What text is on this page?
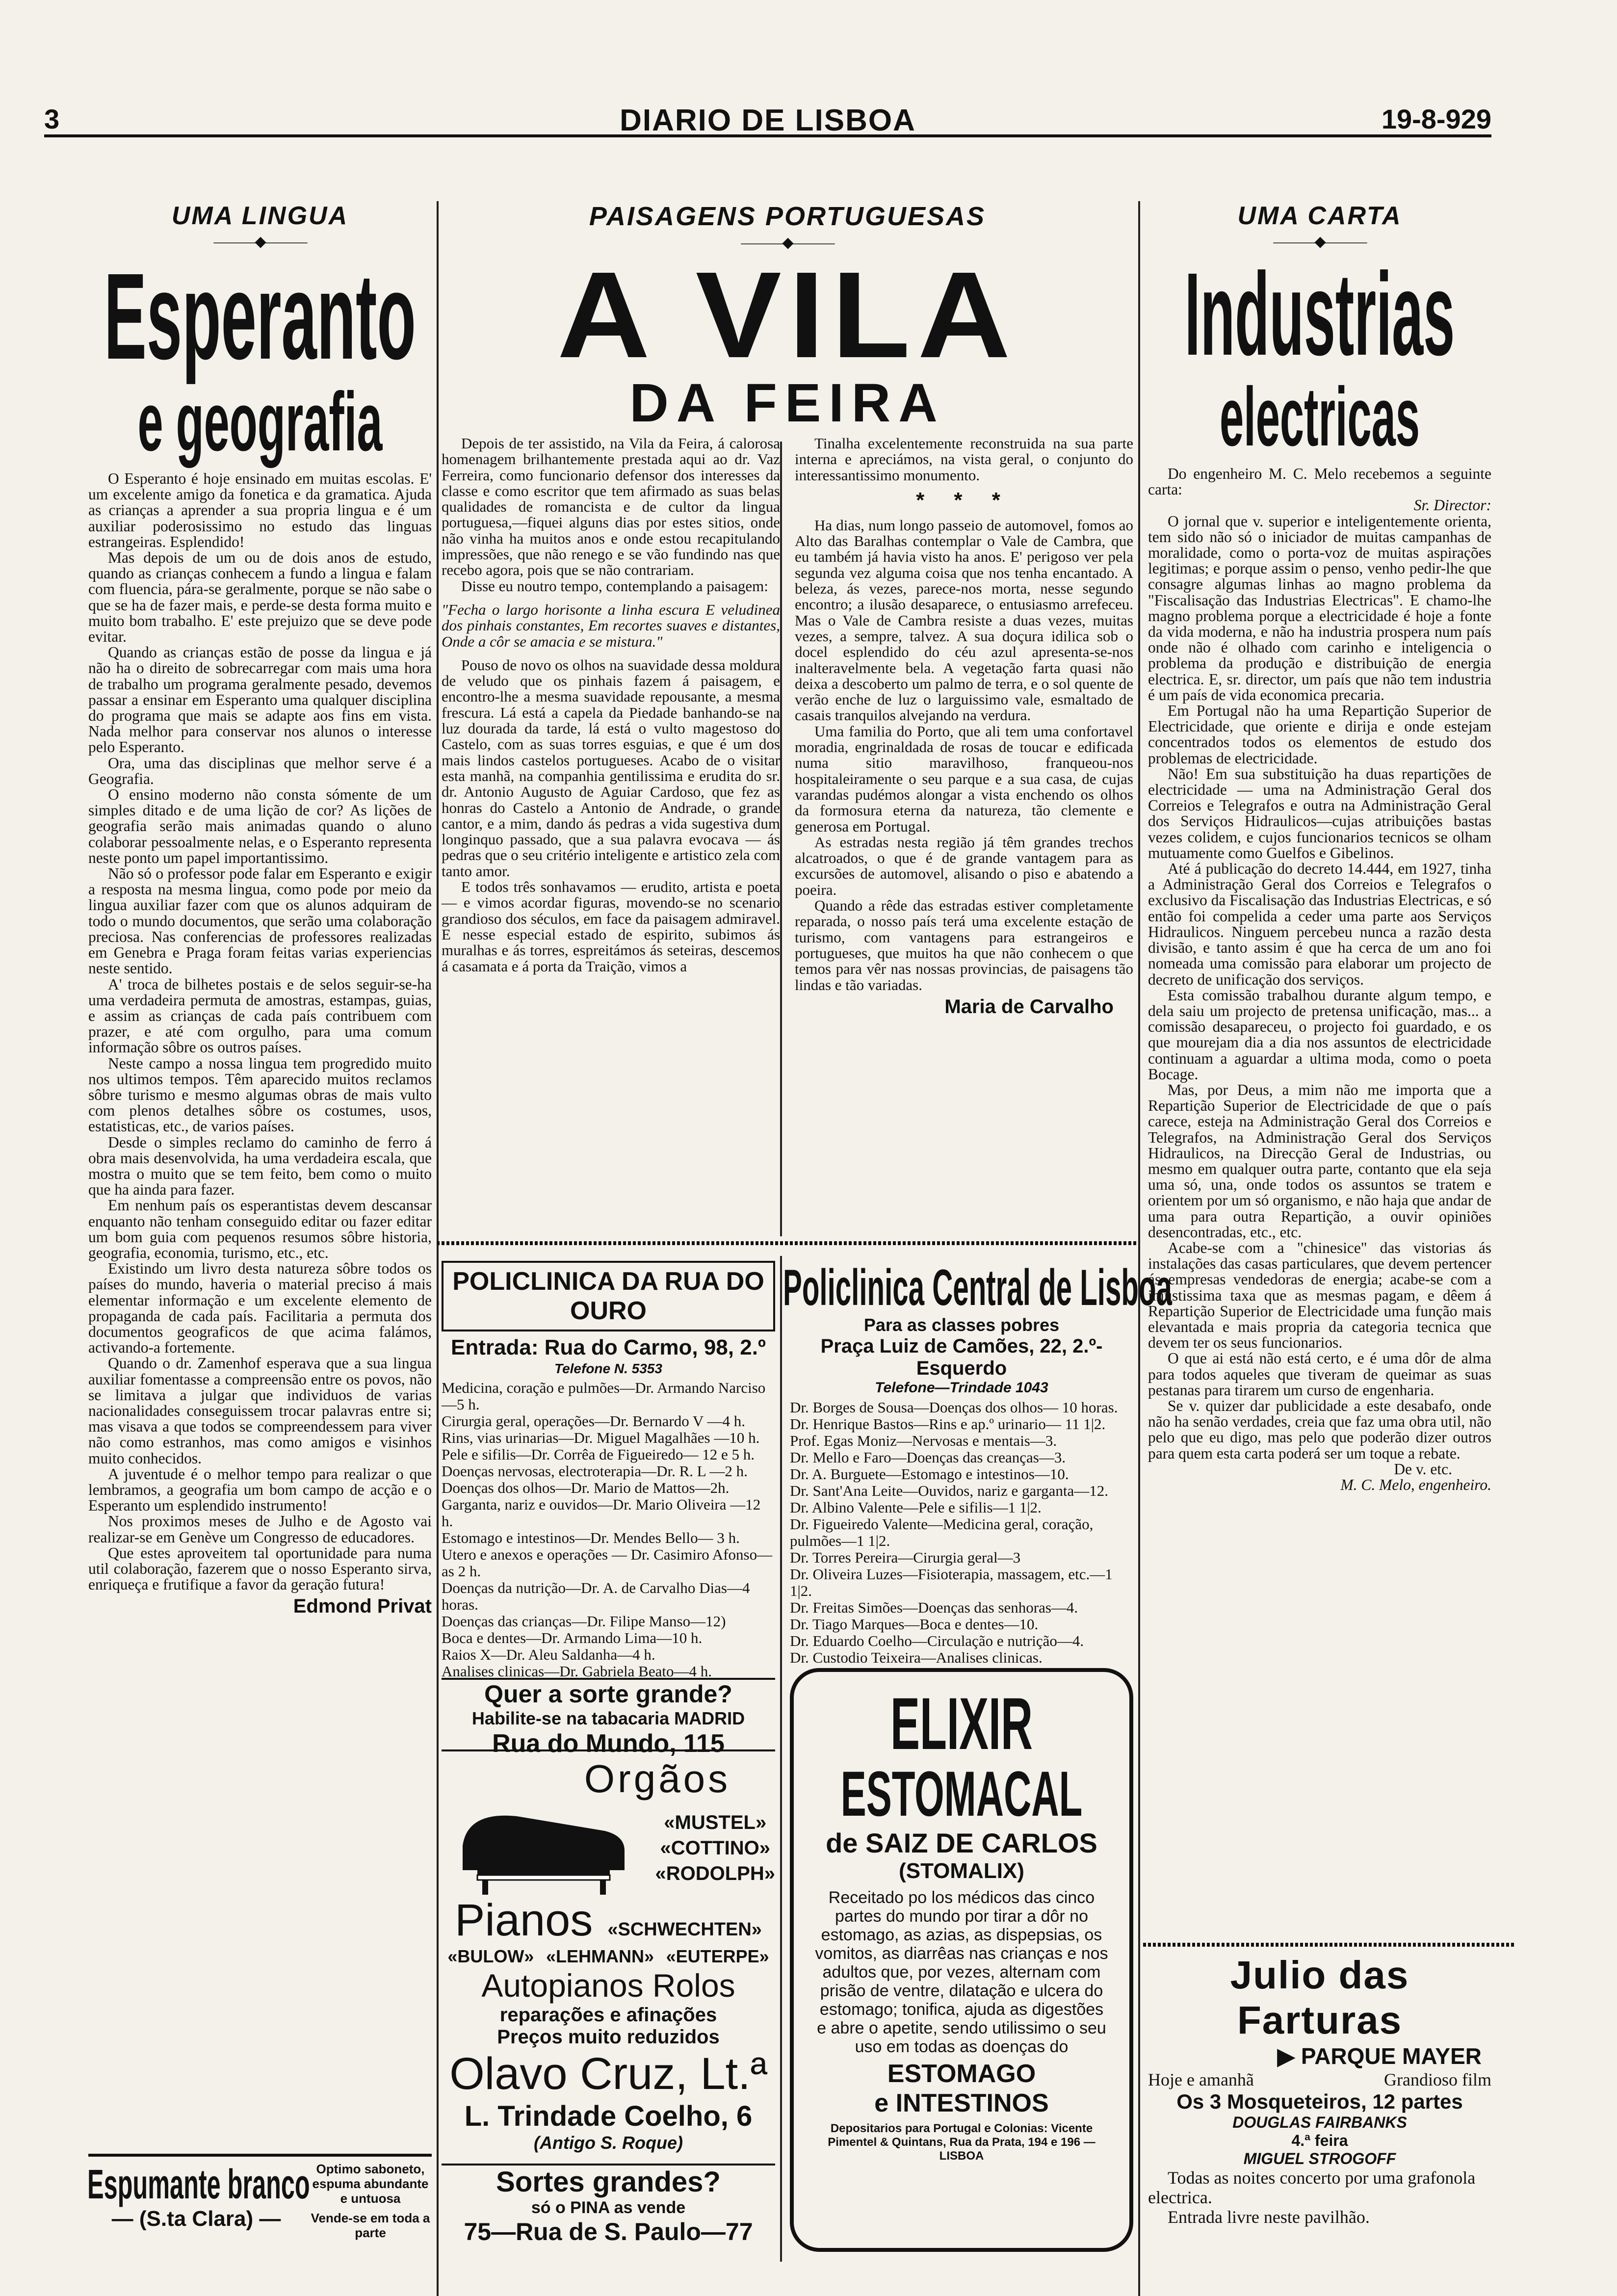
3	DIARIO DE LISBOA	19-8-929
UMA LINGUA
———◆———
Esperanto
e geografia

O Esperanto é hoje ensinado em muitas escolas. E' um excelente amigo da fonetica e da gramatica. Ajuda as crianças a aprender a sua propria lingua e é um auxiliar poderosissimo no estudo das linguas estrangeiras. Esplendido!

Mas depois de um ou de dois anos de estudo, quando as crianças conhecem a fundo a lingua e falam com fluencia, pára-se geralmente, porque se não sabe o que se ha de fazer mais, e perde-se desta forma muito e muito bom trabalho. E' este prejuizo que se deve pode evitar.

Quando as crianças estão de posse da lingua e já não ha o direito de sobrecarregar com mais uma hora de trabalho um programa geralmente pesado, devemos passar a ensinar em Esperanto uma qualquer disciplina do programa que mais se adapte aos fins em vista. Nada melhor para conservar nos alunos o interesse pelo Esperanto.

Ora, uma das disciplinas que melhor serve é a Geografia.

O ensino moderno não consta sómente de um simples ditado e de uma lição de cor? As lições de geografia serão mais animadas quando o aluno colaborar pessoalmente nelas, e o Esperanto representa neste ponto um papel importantissimo.

Não só o professor pode falar em Esperanto e exigir a resposta na mesma lingua, como pode por meio da lingua auxiliar fazer com que os alunos adquiram de todo o mundo documentos, que serão uma colaboração preciosa. Nas conferencias de professores realizadas em Genebra e Praga foram feitas varias experiencias neste sentido.

A' troca de bilhetes postais e de selos seguir-se-ha uma verdadeira permuta de amostras, estampas, guias, e assim as crianças de cada país contribuem com prazer, e até com orgulho, para uma comum informação sôbre os outros países.

Neste campo a nossa lingua tem progredido muito nos ultimos tempos. Têm aparecido muitos reclamos sôbre turismo e mesmo algumas obras de mais vulto com plenos detalhes sôbre os costumes, usos, estatisticas, etc., de varios países.

Desde o simples reclamo do caminho de ferro á obra mais desenvolvida, ha uma verdadeira escala, que mostra o muito que se tem feito, bem como o muito que ha ainda para fazer.

Em nenhum país os esperantistas devem descansar enquanto não tenham conseguido editar ou fazer editar um bom guia com pequenos resumos sôbre historia, geografia, economia, turismo, etc., etc.

Existindo um livro desta natureza sôbre todos os países do mundo, haveria o material preciso á mais elementar informação e um excelente elemento de propaganda de cada país. Facilitaria a permuta dos documentos geograficos de que acima falámos, activando-a fortemente.

Quando o dr. Zamenhof esperava que a sua lingua auxiliar fomentasse a compreensão entre os povos, não se limitava a julgar que individuos de varias nacionalidades conseguissem trocar palavras entre si; mas visava a que todos se compreendessem para viver não como estranhos, mas como amigos e visinhos muito conhecidos.

A juventude é o melhor tempo para realizar o que lembramos, a geografia um bom campo de acção e o Esperanto um esplendido instrumento!

Nos proximos meses de Julho e de Agosto vai realizar-se em Genève um Congresso de educadores.

Que estes aproveitem tal oportunidade para numa util colaboração, fazerem que o nosso Esperanto sirva, enriqueça e frutifique a favor da geração futura!

Edmond Privat
Espumante branco
— (S.ta Clara) —
Optimo saboneto, espuma abundante e untuosa
Vende-se em toda a parte
PAISAGENS PORTUGUESAS
———◆———
A VILA
DA FEIRA

Depois de ter assistido, na Vila da Feira, á calorosa homenagem brilhantemente prestada aqui ao dr. Vaz Ferreira, como funcionario defensor dos interesses da classe e como escritor que tem afirmado as suas belas qualidades de romancista e de cultor da lingua portuguesa,—fiquei alguns dias por estes sitios, onde não vinha ha muitos anos e onde estou recapitulando impressões, que não renego e se vão fundindo nas que recebo agora, pois que se não contrariam.

Disse eu noutro tempo, contemplando a paisagem:

"Fecha o largo horisonte a linha escura E veludinea dos pinhais constantes, Em recortes suaves e distantes, Onde a côr se amacia e se mistura."

Pouso de novo os olhos na suavidade dessa moldura de veludo que os pinhais fazem á paisagem, e encontro-lhe a mesma suavidade repousante, a mesma frescura. Lá está a capela da Piedade banhando-se na luz dourada da tarde, lá está o vulto magestoso do Castelo, com as suas torres esguias, e que é um dos mais lindos castelos portugueses. Acabo de o visitar esta manhã, na companhia gentilissima e erudita do sr. dr. Antonio Augusto de Aguiar Cardoso, que fez as honras do Castelo a Antonio de Andrade, o grande cantor, e a mim, dando ás pedras a vida sugestiva dum longinquo passado, que a sua palavra evocava — ás pedras que o seu critério inteligente e artistico zela com tanto amor.

E todos três sonhavamos — erudito, artista e poeta — e vimos acordar figuras, movendo-se no scenario grandioso dos séculos, em face da paisagem admiravel. E nesse especial estado de espirito, subimos ás muralhas e ás torres, espreitámos ás seteiras, descemos á casamata e á porta da Traição, vimos a

Tinalha excelentemente reconstruida na sua parte interna e apreciámos, na vista geral, o conjunto do interessantissimo monumento.

* * *

Ha dias, num longo passeio de automovel, fomos ao Alto das Baralhas contemplar o Vale de Cambra, que eu também já havia visto ha anos. E' perigoso ver pela segunda vez alguma coisa que nos tenha encantado. A beleza, ás vezes, parece-nos morta, nesse segundo encontro; a ilusão desaparece, o entusiasmo arrefeceu. Mas o Vale de Cambra resiste a duas vezes, muitas vezes, a sempre, talvez. A sua doçura idilica sob o docel esplendido do céu azul apresenta-se-nos inalteravelmente bela. A vegetação farta quasi não deixa a descoberto um palmo de terra, e o sol quente de verão enche de luz o larguissimo vale, esmaltado de casais tranquilos alvejando na verdura.

Uma familia do Porto, que ali tem uma confortavel moradia, engrinaldada de rosas de toucar e edificada numa sitio maravilhoso, franqueou-nos hospitaleiramente o seu parque e a sua casa, de cujas varandas pudémos alongar a vista enchendo os olhos da formosura eterna da natureza, tão clemente e generosa em Portugal.

As estradas nesta região já têm grandes trechos alcatroados, o que é de grande vantagem para as excursões de automovel, alisando o piso e abatendo a poeira.

Quando a rêde das estradas estiver completamente reparada, o nosso país terá uma excelente estação de turismo, com vantagens para estrangeiros e portugueses, que muitos ha que não conhecem o que temos para vêr nas nossas provincias, de paisagens tão lindas e tão variadas.

Maria de Carvalho
POLICLINICA DA RUA DO OURO
Entrada: Rua do Carmo, 98, 2.º
Telefone N. 5353
Medicina, coração e pulmões—Dr. Armando Narciso—5 h.
Cirurgia geral, operações—Dr. Bernardo V —4 h.
Rins, vias urinarias—Dr. Miguel Magalhães —10 h.
Pele e sifilis—Dr. Corrêa de Figueiredo— 12 e 5 h.
Doenças nervosas, electroterapia—Dr. R. L —2 h.
Doenças dos olhos—Dr. Mario de Mattos—2h.
Garganta, nariz e ouvidos—Dr. Mario Oliveira —12 h.
Estomago e intestinos—Dr. Mendes Bello— 3 h.
Utero e anexos e operações — Dr. Casimiro Afonso—as 2 h.
Doenças da nutrição—Dr. A. de Carvalho Dias—4 horas.
Doenças das crianças—Dr. Filipe Manso—12)
Boca e dentes—Dr. Armando Lima—10 h.
Raios X—Dr. Aleu Saldanha—4 h.
Analises clinicas—Dr. Gabriela Beato—4 h.
Quer a sorte grande?
Habilite-se na tabacaria MADRID
Rua do Mundo, 115
Orgãos
«MUSTEL»
«COTTINO»
«RODOLPH»
Pianos «SCHWECHTEN»
«BULOW» «LEHMANN» «EUTERPE»
Autopianos Rolos
reparações e afinações
Preços muito reduzidos
Olavo Cruz, Lt.ª
L. Trindade Coelho, 6
(Antigo S. Roque)
Sortes grandes?
só o PINA as vende
75—Rua de S. Paulo—77
Policlinica Central de Lisboa
Para as classes pobres
Praça Luiz de Camões, 22, 2.º-Esquerdo
Telefone—Trindade 1043
Dr. Borges de Sousa—Doenças dos olhos— 10 horas.
Dr. Henrique Bastos—Rins e ap.º urinario— 11 1|2.
Prof. Egas Moniz—Nervosas e mentais—3.
Dr. Mello e Faro—Doenças das creanças—3.
Dr. A. Burguete—Estomago e intestinos—10.
Dr. Sant'Ana Leite—Ouvidos, nariz e garganta—12.
Dr. Albino Valente—Pele e sifilis—1 1|2.
Dr. Figueiredo Valente—Medicina geral, coração, pulmões—1 1|2.
Dr. Torres Pereira—Cirurgia geral—3
Dr. Oliveira Luzes—Fisioterapia, massagem, etc.—1 1|2.
Dr. Freitas Simões—Doenças das senhoras—4.
Dr. Tiago Marques—Boca e dentes—10.
Dr. Eduardo Coelho—Circulação e nutrição—4.
Dr. Custodio Teixeira—Analises clinicas.
ELIXIR
ESTOMACAL
de SAIZ DE CARLOS
(STOMALIX)
Receitado po los médicos das cinco partes do mundo por tirar a dôr no estomago, as azias, as dispepsias, os vomitos, as diarrêas nas crianças e nos adultos que, por vezes, alternam com prisão de ventre, dilatação e ulcera do estomago; tonifica, ajuda as digestões e abre o apetite, sendo utilissimo o seu uso em todas as doenças do
ESTOMAGO
e INTESTINOS
Depositarios para Portugal e Colonias: Vicente Pimentel & Quintans, Rua da Prata, 194 e 196 — LISBOA
UMA CARTA
———◆———
Industrias
electricas

Do engenheiro M. C. Melo recebemos a seguinte carta:

Sr. Director:

O jornal que v. superior e inteligentemente orienta, tem sido não só o iniciador de muitas campanhas de moralidade, como o porta-voz de muitas aspirações legitimas; e porque assim o penso, venho pedir-lhe que consagre algumas linhas ao magno problema da "Fiscalisação das Industrias Electricas". E chamo-lhe magno problema porque a electricidade é hoje a fonte da vida moderna, e não ha industria prospera num país onde não é olhado com carinho e inteligencia o problema da produção e distribuição de energia electrica. E, sr. director, um país que não tem industria é um país de vida economica precaria.

Em Portugal não ha uma Repartição Superior de Electricidade, que oriente e dirija e onde estejam concentrados todos os elementos de estudo dos problemas de electricidade.

Não! Em sua substituição ha duas repartições de electricidade — uma na Administração Geral dos Correios e Telegrafos e outra na Administração Geral dos Serviços Hidraulicos—cujas atribuições bastas vezes colidem, e cujos funcionarios tecnicos se olham mutuamente como Guelfos e Gibelinos.

Até á publicação do decreto 14.444, em 1927, tinha a Administração Geral dos Correios e Telegrafos o exclusivo da Fiscalisação das Industrias Electricas, e só então foi compelida a ceder uma parte aos Serviços Hidraulicos. Ninguem percebeu nunca a razão desta divisão, e tanto assim é que ha cerca de um ano foi nomeada uma comissão para elaborar um projecto de decreto de unificação dos serviços.

Esta comissão trabalhou durante algum tempo, e dela saiu um projecto de pretensa unificação, mas... a comissão desapareceu, o projecto foi guardado, e os que mourejam dia a dia nos assuntos de electricidade continuam a aguardar a ultima moda, como o poeta Bocage.

Mas, por Deus, a mim não me importa que a Repartição Superior de Electricidade de que o país carece, esteja na Administração Geral dos Correios e Telegrafos, na Administração Geral dos Serviços Hidraulicos, na Direcção Geral de Industrias, ou mesmo em qualquer outra parte, contanto que ela seja uma só, una, onde todos os assuntos se tratem e orientem por um só organismo, e não haja que andar de uma para outra Repartição, a ouvir opiniões desencontradas, etc., etc.

Acabe-se com a "chinesice" das vistorias ás instalações das casas particulares, que devem pertencer ás empresas vendedoras de energia; acabe-se com a injustissima taxa que as mesmas pagam, e dêem á Repartição Superior de Electricidade uma função mais elevantada e mais propria da categoria tecnica que devem ter os seus funcionarios.

O que ai está não está certo, e é uma dôr de alma para todos aqueles que tiveram de queimar as suas pestanas para tirarem um curso de engenharia.

Se v. quizer dar publicidade a este desabafo, onde não ha senão verdades, creia que faz uma obra util, não pelo que eu digo, mas pelo que poderão dizer outros para quem esta carta poderá ser um toque a rebate.

De v. etc.
M. C. Melo, engenheiro.
Julio das Farturas
▶ PARQUE MAYER
Hoje e amanhã	Grandioso film
Os 3 Mosqueteiros, 12 partes
DOUGLAS FAIRBANKS
4.ª feira
MIGUEL STROGOFF
Todas as noites concerto por uma grafonola electrica.
Entrada livre neste pavilhão.
